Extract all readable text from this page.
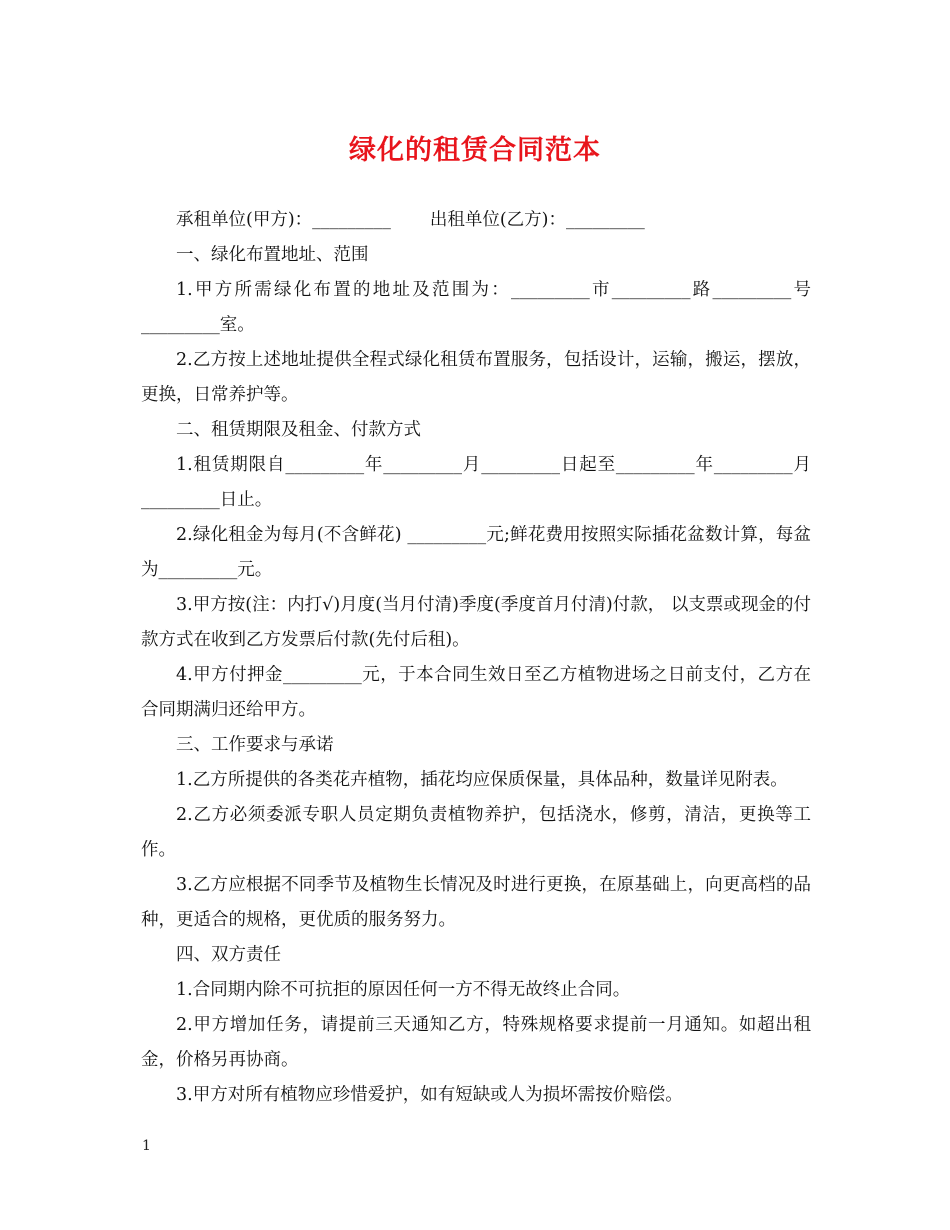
绿化的租赁合同范本

承租单位(甲方)：_________ 出租单位(乙方)：_________

一、绿化布置地址、范围

1.甲方所需绿化布置的地址及范围为：_________市_________路_________号_________室。

2.乙方按上述地址提供全程式绿化租赁布置服务，包括设计，运输，搬运，摆放，更换，日常养护等。

二、租赁期限及租金、付款方式

1.租赁期限自_________年_________月_________日起至_________年_________月_________日止。

2.绿化租金为每月(不含鲜花) _________元;鲜花费用按照实际插花盆数计算，每盆为_________元。

3.甲方按(注：内打√)月度(当月付清)季度(季度首月付清)付款， 以支票或现金的付款方式在收到乙方发票后付款(先付后租)。

4.甲方付押金_________元，于本合同生效日至乙方植物进场之日前支付，乙方在合同期满归还给甲方。

三、工作要求与承诺

1.乙方所提供的各类花卉植物，插花均应保质保量，具体品种，数量详见附表。

2.乙方必须委派专职人员定期负责植物养护，包括浇水，修剪，清洁，更换等工作。

3.乙方应根据不同季节及植物生长情况及时进行更换，在原基础上，向更高档的品种，更适合的规格，更优质的服务努力。

四、双方责任

1.合同期内除不可抗拒的原因任何一方不得无故终止合同。

2.甲方增加任务，请提前三天通知乙方，特殊规格要求提前一月通知。如超出租金，价格另再协商。

3.甲方对所有植物应珍惜爱护，如有短缺或人为损坏需按价赔偿。

1
